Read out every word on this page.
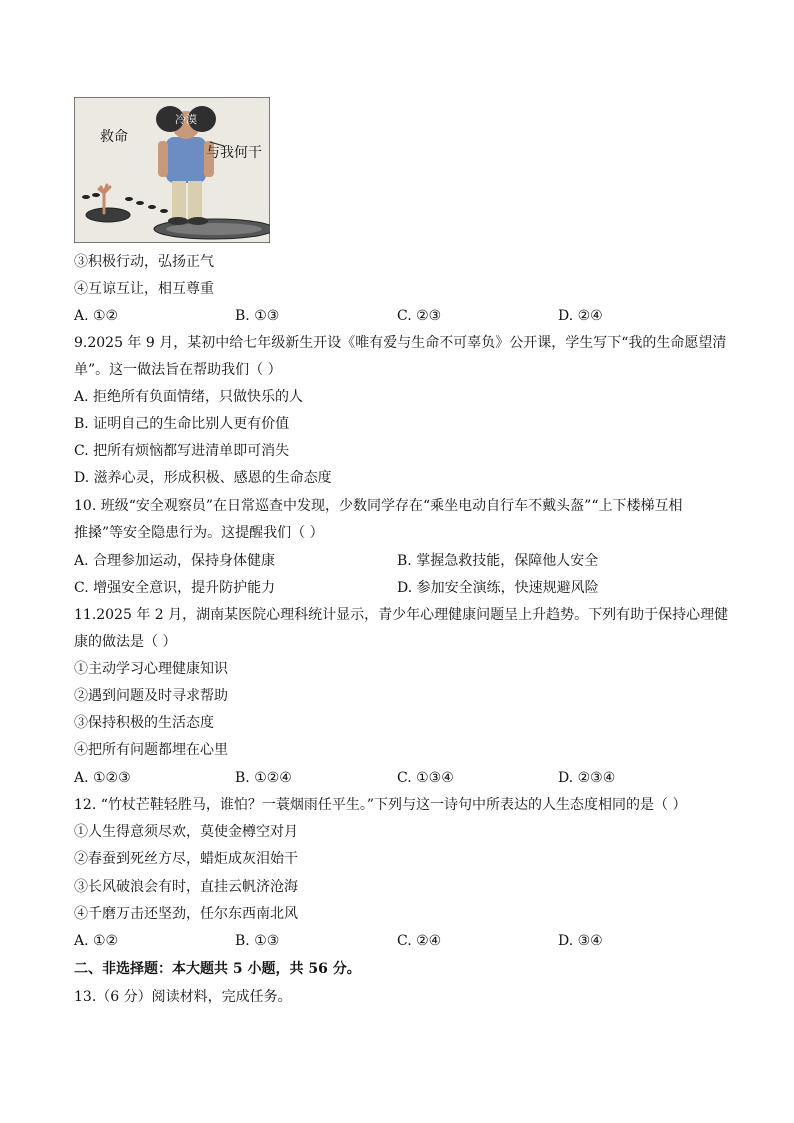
冷漠
救命
与我何干
③积极行动，弘扬正气
④互谅互让，相互尊重
A. ①②	B. ①③	C. ②③	D. ②④
9.2025 年 9 月，某初中给七年级新生开设《唯有爱与生命不可辜负》公开课，学生写下“我的生命愿望清
单”。这一做法旨在帮助我们（ ）
A. 拒绝所有负面情绪，只做快乐的人
B. 证明自己的生命比别人更有价值
C. 把所有烦恼都写进清单即可消失
D. 滋养心灵，形成积极、感恩的生命态度
10. 班级“安全观察员”在日常巡查中发现，少数同学存在“乘坐电动自行车不戴头盔”“上下楼梯互相
推搡”等安全隐患行为。这提醒我们（ ）
A. 合理参加运动，保持身体健康	B. 掌握急救技能，保障他人安全
C. 增强安全意识，提升防护能力	D. 参加安全演练，快速规避风险
11.2025 年 2 月，湖南某医院心理科统计显示，青少年心理健康问题呈上升趋势。下列有助于保持心理健
康的做法是（ ）
①主动学习心理健康知识
②遇到问题及时寻求帮助
③保持积极的生活态度
④把所有问题都埋在心里
A. ①②③	B. ①②④	C. ①③④	D. ②③④
12. “竹杖芒鞋轻胜马，谁怕？一蓑烟雨任平生。”下列与这一诗句中所表达的人生态度相同的是（ ）
①人生得意须尽欢，莫使金樽空对月
②春蚕到死丝方尽，蜡炬成灰泪始干
③长风破浪会有时，直挂云帆济沧海
④千磨万击还坚劲，任尔东西南北风
A. ①②	B. ①③	C. ②④	D. ③④
二、非选择题：本大题共 5 小题，共 56 分。
13.（6 分）阅读材料，完成任务。
